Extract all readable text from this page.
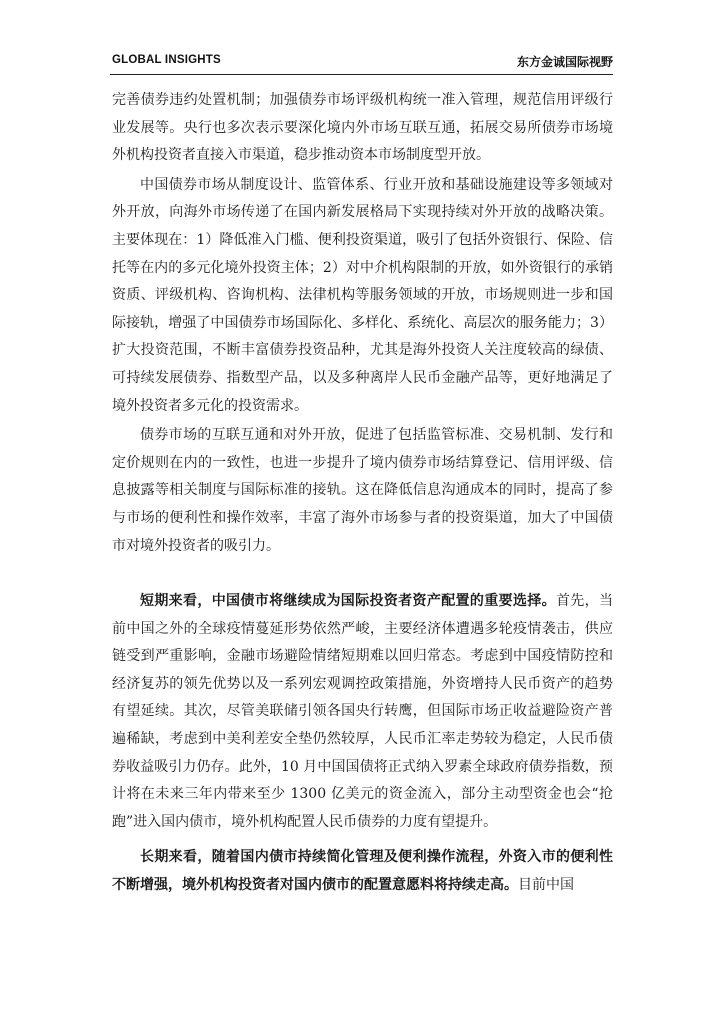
GLOBAL INSIGHTS	东方金诚国际视野

完善债券违约处置机制；加强债券市场评级机构统一准入管理，规范信用评级行业发展等。央行也多次表示要深化境内外市场互联互通，拓展交易所债券市场境外机构投资者直接入市渠道，稳步推动资本市场制度型开放。

中国债券市场从制度设计、监管体系、行业开放和基础设施建设等多领域对外开放，向海外市场传递了在国内新发展格局下实现持续对外开放的战略决策。主要体现在：1）降低准入门槛、便利投资渠道，吸引了包括外资银行、保险、信托等在内的多元化境外投资主体；2）对中介机构限制的开放，如外资银行的承销资质、评级机构、咨询机构、法律机构等服务领域的开放，市场规则进一步和国际接轨，增强了中国债券市场国际化、多样化、系统化、高层次的服务能力；3）扩大投资范围，不断丰富债券投资品种，尤其是海外投资人关注度较高的绿债、可持续发展债券、指数型产品，以及多种离岸人民币金融产品等，更好地满足了境外投资者多元化的投资需求。

债券市场的互联互通和对外开放，促进了包括监管标准、交易机制、发行和定价规则在内的一致性，也进一步提升了境内债券市场结算登记、信用评级、信息披露等相关制度与国际标准的接轨。这在降低信息沟通成本的同时，提高了参与市场的便利性和操作效率，丰富了海外市场参与者的投资渠道，加大了中国债市对境外投资者的吸引力。

短期来看，中国债市将继续成为国际投资者资产配置的重要选择。首先，当前中国之外的全球疫情蔓延形势依然严峻，主要经济体遭遇多轮疫情袭击，供应链受到严重影响，金融市场避险情绪短期难以回归常态。考虑到中国疫情防控和经济复苏的领先优势以及一系列宏观调控政策措施，外资增持人民币资产的趋势有望延续。其次，尽管美联储引领各国央行转鹰，但国际市场正收益避险资产普遍稀缺，考虑到中美利差安全垫仍然较厚，人民币汇率走势较为稳定，人民币债券收益吸引力仍存。此外，10 月中国国债将正式纳入罗素全球政府债券指数，预计将在未来三年内带来至少 1300 亿美元的资金流入，部分主动型资金也会“抢跑”进入国内债市，境外机构配置人民币债券的力度有望提升。

长期来看，随着国内债市持续简化管理及便利操作流程，外资入市的便利性不断增强，境外机构投资者对国内债市的配置意愿料将持续走高。目前中国
